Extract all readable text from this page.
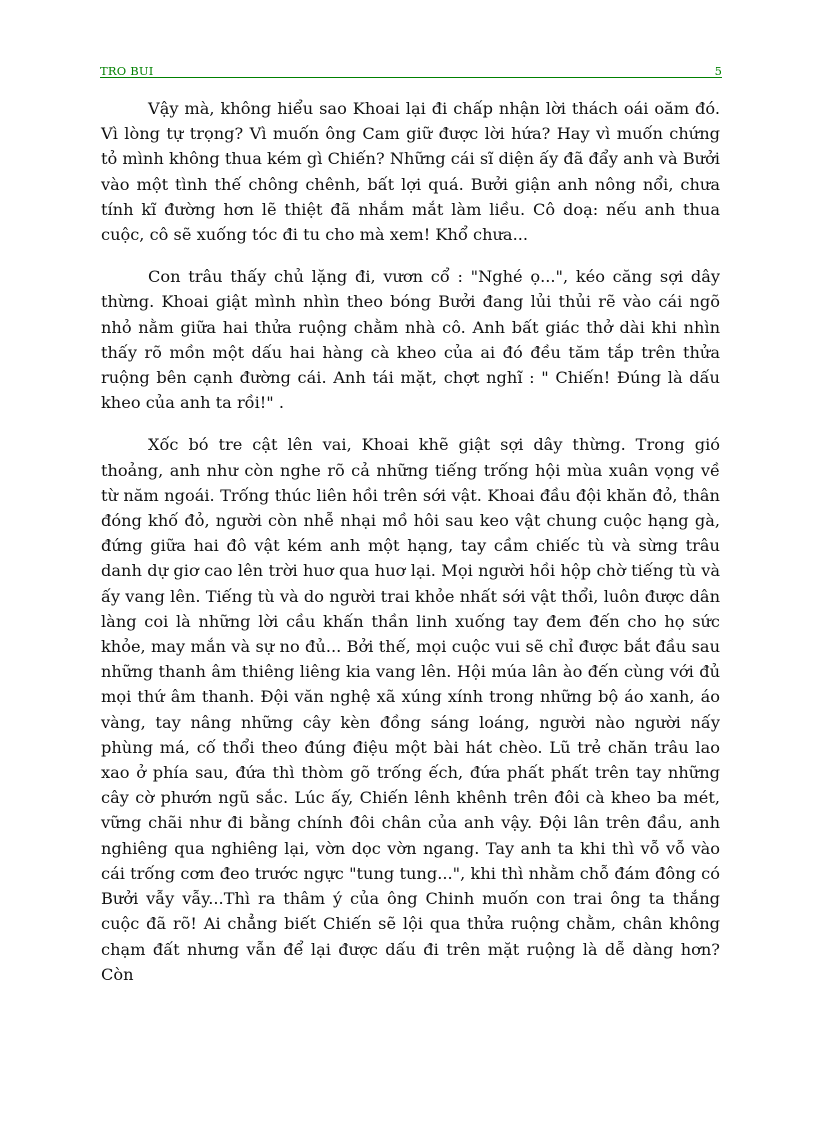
TRO BUI	5

Vậy mà, không hiểu sao Khoai lại đi chấp nhận lời thách oái oăm đó. Vì lòng tự trọng? Vì muốn ông Cam giữ được lời hứa? Hay vì muốn chứng tỏ mình không thua kém gì Chiến? Những cái sĩ diện ấy đã đẩy anh và Bưởi vào một tình thế chông chênh, bất lợi quá. Bưởi giận anh nông nổi, chưa tính kĩ đường hơn lẽ thiệt đã nhắm mắt làm liều. Cô doạ: nếu anh thua cuộc, cô sẽ xuống tóc đi tu cho mà xem! Khổ chưa...

Con trâu thấy chủ lặng đi, vươn cổ : "Nghé ọ...", kéo căng sợi dây thừng. Khoai giật mình nhìn theo bóng Bưởi đang lủi thủi rẽ vào cái ngõ nhỏ nằm giữa hai thửa ruộng chằm nhà cô. Anh bất giác thở dài khi nhìn thấy rõ mồn một dấu hai hàng cà kheo của ai đó đều tăm tắp trên thửa ruộng bên cạnh đường cái. Anh tái mặt, chợt nghĩ : " Chiến! Đúng là dấu kheo của anh ta rồi!" .

Xốc bó tre cật lên vai, Khoai khẽ giật sợi dây thừng. Trong gió thoảng, anh như còn nghe rõ cả những tiếng trống hội mùa xuân vọng về từ năm ngoái. Trống thúc liên hồi trên sới vật. Khoai đầu đội khăn đỏ, thân đóng khố đỏ, người còn nhễ nhại mồ hôi sau keo vật chung cuộc hạng gà, đứng giữa hai đô vật kém anh một hạng, tay cầm chiếc tù và sừng trâu danh dự giơ cao lên trời huơ qua huơ lại. Mọi người hồi hộp chờ tiếng tù và ấy vang lên. Tiếng tù và do người trai khỏe nhất sới vật thổi, luôn được dân làng coi là những lời cầu khấn thần linh xuống tay đem đến cho họ sức khỏe, may mắn và sự no đủ... Bởi thế, mọi cuộc vui sẽ chỉ được bắt đầu sau những thanh âm thiêng liêng kia vang lên. Hội múa lân ào đến cùng với đủ mọi thứ âm thanh. Đội văn nghệ xã xúng xính trong những bộ áo xanh, áo vàng, tay nâng những cây kèn đồng sáng loáng, người nào người nấy phùng má, cố thổi theo đúng điệu một bài hát chèo. Lũ trẻ chăn trâu lao xao ở phía sau, đứa thì thòm gõ trống ếch, đứa phất phất trên tay những cây cờ phướn ngũ sắc. Lúc ấy, Chiến lênh khênh trên đôi cà kheo ba mét, vững chãi như đi bằng chính đôi chân của anh vậy. Đội lân trên đầu, anh nghiêng qua nghiêng lại, vờn dọc vờn ngang. Tay anh ta khi thì vỗ vỗ vào cái trống cơm đeo trước ngực "tung tung...", khi thì nhằm chỗ đám đông có Bưởi vẫy vẫy...Thì ra thâm ý của ông Chinh muốn con trai ông ta thắng cuộc đã rõ! Ai chẳng biết Chiến sẽ lội qua thửa ruộng chằm, chân không chạm đất nhưng vẫn để lại được dấu đi trên mặt ruộng là dễ dàng hơn? Còn
